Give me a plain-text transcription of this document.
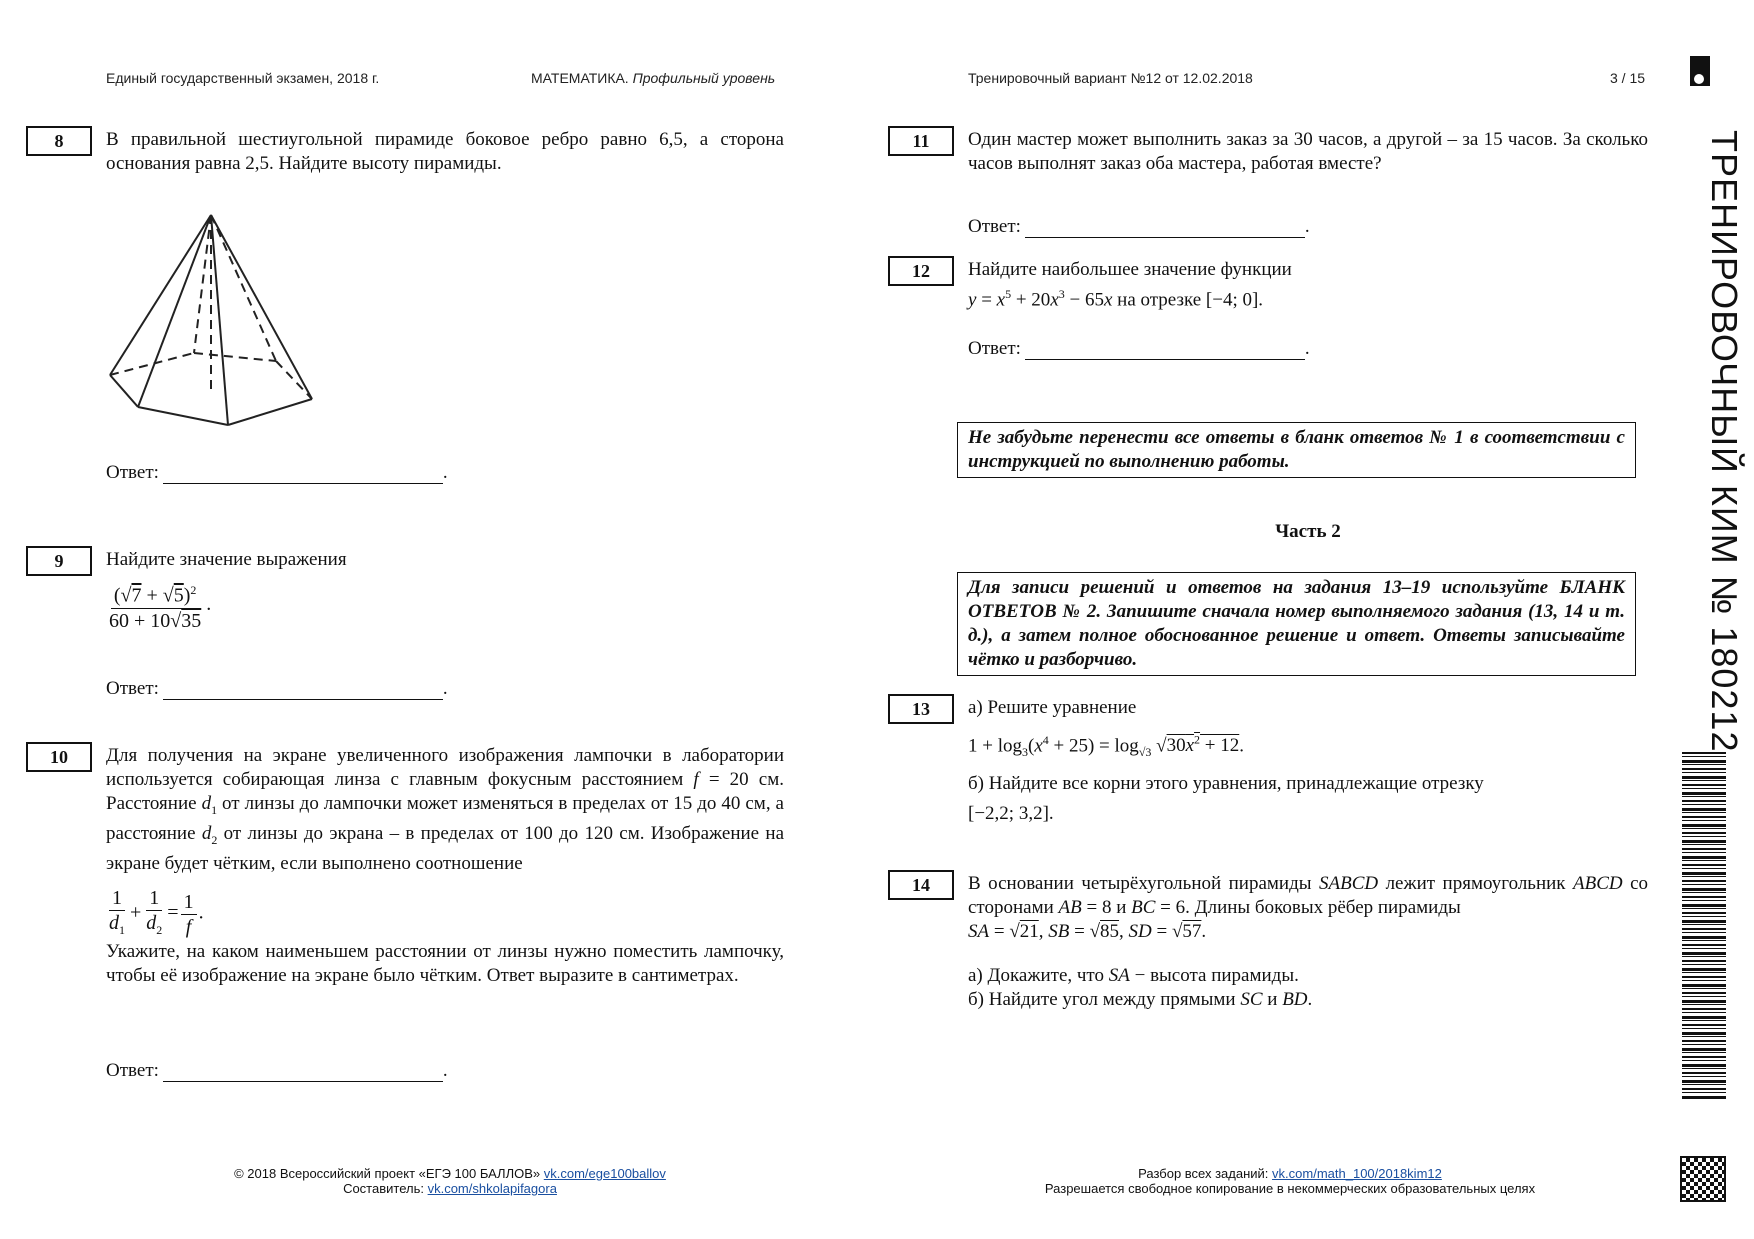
Единый государственный экзамен, 2018 г.	МАТЕМАТИКА. Профильный уровень	Тренировочный вариант №12 от 12.02.2018	3 / 15
8	В правильной шестиугольной пирамиде боковое ребро равно 6,5, а сторона основания равна 2,5. Найдите высоту пирамиды.
Ответ:	.
9	Найдите значение выражения
$\frac{(√7 + √5)^2}{60 + 10√35}$ .
Ответ:	.
10	Для получения на экране увеличенного изображения лампочки в лаборатории используется собирающая линза с главным фокусным расстоянием f = 20 см. Расстояние $d_1$ от линзы до лампочки может изменяться в пределах от 15 до 40 см, а расстояние $d_2$ от линзы до экрана – в пределах от 100 до 120 см. Изображение на экране будет чётким, если выполнено соотношение
$\frac{1}{d_1} + \frac{1}{d_2} = \frac{1}{f}$ .
Укажите, на каком наименьшем расстоянии от линзы нужно поместить лампочку, чтобы её изображение на экране было чётким. Ответ выразите в сантиметрах.
Ответ:	.
11	Один мастер может выполнить заказ за 30 часов, а другой – за 15 часов. За сколько часов выполнят заказ оба мастера, работая вместе?
Ответ:	.
12	Найдите наибольшее значение функции
$y = x^5 + 20x^3 - 65x$ на отрезке [−4; 0].
Ответ:	.
Не забудьте перенести все ответы в бланк ответов № 1 в соответствии с инструкцией по выполнению работы.
Часть 2
Для записи решений и ответов на задания 13–19 используйте БЛАНК ОТВЕТОВ № 2. Запишите сначала номер выполняемого задания (13, 14 и т. д.), а затем полное обоснованное решение и ответ. Ответы записывайте чётко и разборчиво.
13	а) Решите уравнение
$1 + \log_3(x^4 + 25) = \log_{√3} √30x^2 + 12$.
б) Найдите все корни этого уравнения, принадлежащие отрезку
[−2,2; 3,2].
14	В основании четырёхугольной пирамиды SABCD лежит прямоугольник ABCD со сторонами AB = 8 и BC = 6. Длины боковых рёбер пирамиды
SA = √21, SB = √85, SD = √57.
а) Докажите, что SA − высота пирамиды.
б) Найдите угол между прямыми SC и BD.
© 2018 Всероссийский проект «ЕГЭ 100 БАЛЛОВ» vk.com/ege100ballov
Составитель: vk.com/shkolapifagora
Разбор всех заданий: vk.com/math_100/2018kim12
Разрешается свободное копирование в некоммерческих образовательных целях
ТРЕНИРОВОЧНЫЙ КИМ № 180212
